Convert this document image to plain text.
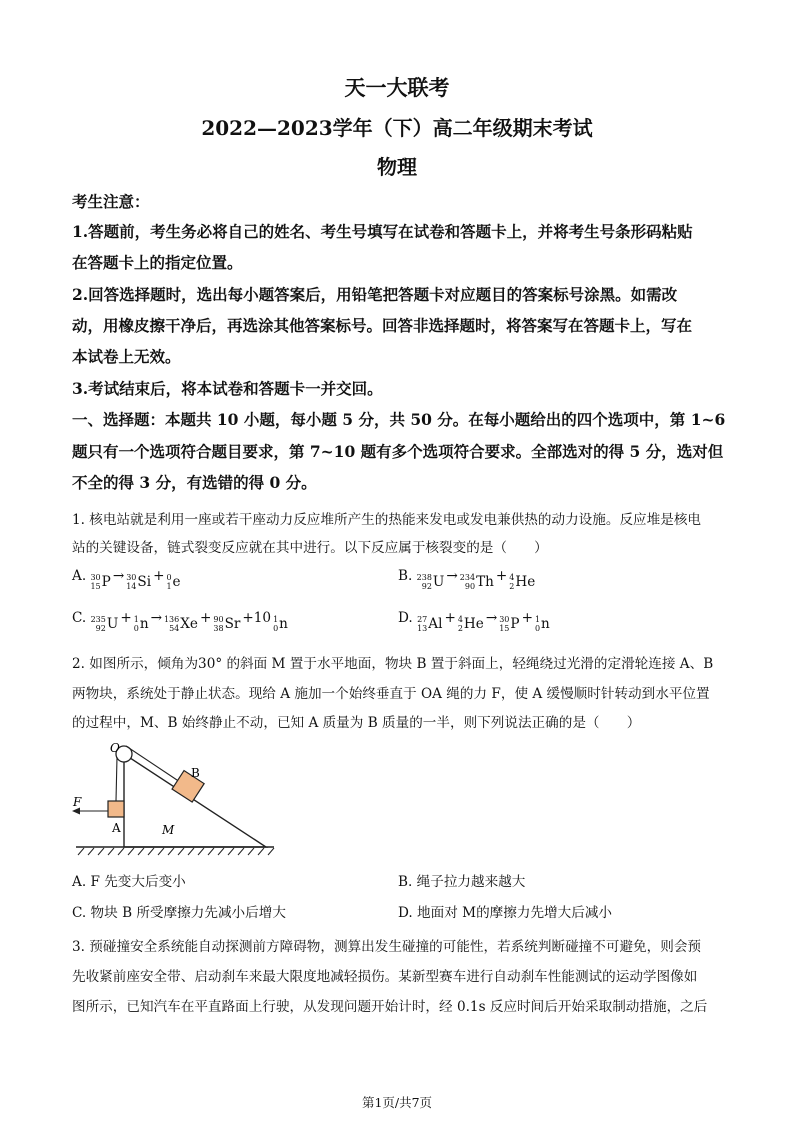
天一大联考
2022—2023学年（下）高二年级期末考试
物理
考生注意：
1.答题前，考生务必将自己的姓名、考生号填写在试卷和答题卡上，并将考生号条形码粘贴
在答题卡上的指定位置。
2.回答选择题时，选出每小题答案后，用铅笔把答题卡对应题目的答案标号涂黑。如需改
动，用橡皮擦干净后，再选涂其他答案标号。回答非选择题时，将答案写在答题卡上，写在
本试卷上无效。
3.考试结束后，将本试卷和答题卡一并交回。
一、选择题：本题共 10 小题，每小题 5 分，共 50 分。在每小题给出的四个选项中，第 1~6
题只有一个选项符合题目要求，第 7~10 题有多个选项符合要求。全部选对的得 5 分，选对但
不全的得 3 分，有选错的得 0 分。
1. 核电站就是利用一座或若干座动力反应堆所产生的热能来发电或发电兼供热的动力设施。反应堆是核电
站的关键设备，链式裂变反应就在其中进行。以下反应属于核裂变的是（　　）
A. 30
15 P → 30
14 Si + 0
1 e	B. 238
92 U → 234
90 Th + 4
2 He
C. 235
92 U + 1
0 n → 136
54 Xe + 90
38 Sr +10 1
0 n	D. 27
13 Al + 4
2 He → 30
15 P + 1
0 n
2. 如图所示，倾角为30° 的斜面 M 置于水平地面，物块 B 置于斜面上，轻绳绕过光滑的定滑轮连接 A、B
两物块，系统处于静止状态。现给 A 施加一个始终垂直于 OA 绳的力 F，使 A 缓慢顺时针转动到水平位置
的过程中，M、B 始终静止不动，已知 A 质量为 B 质量的一半，则下列说法正确的是（　　）
O
B
F
A	M
A. F 先变大后变小	B. 绳子拉力越来越大
C. 物块 B 所受摩擦力先减小后增大	D. 地面对 M的摩擦力先增大后减小
3. 预碰撞安全系统能自动探测前方障碍物，测算出发生碰撞的可能性，若系统判断碰撞不可避免，则会预
先收紧前座安全带、启动刹车来最大限度地减轻损伤。某新型赛车进行自动刹车性能测试的运动学图像如
图所示，已知汽车在平直路面上行驶，从发现问题开始计时，经 0.1s 反应时间后开始采取制动措施，之后
第1页/共7页
